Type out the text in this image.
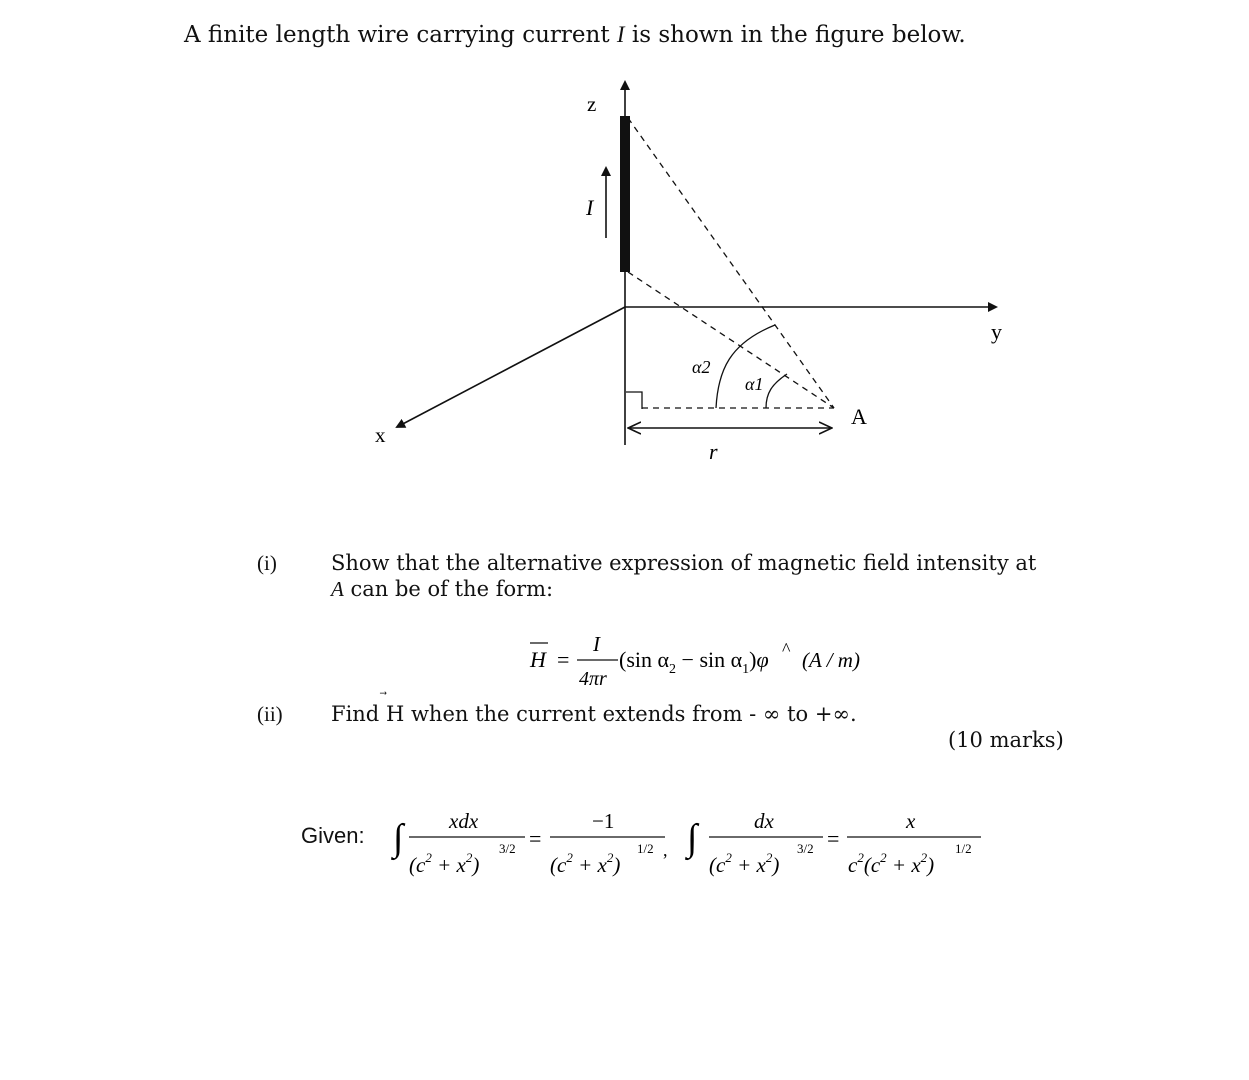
A finite length wire carrying current I is shown in the figure below.
z
y
x
I
α2
α1
A
r
(i)	Show that the alternative expression of magnetic field intensity at
A can be of the form:
H =
I
4πr
(sin $\alpha_2 - \sin \alpha_1)\varphi$ ^ (A / m)
(ii) Find
H when the current extends from - ∞ to +∞.
(10 marks)
Given: ∫ xdx
$(c^2 + x^2)$
3/2 =
−1
$(c^2 + x^2)$
1/2 , ∫	dx
$(c^2 + x^2)$
3/2 =
x
$c^2(c^2 + x^2)$
1/2
